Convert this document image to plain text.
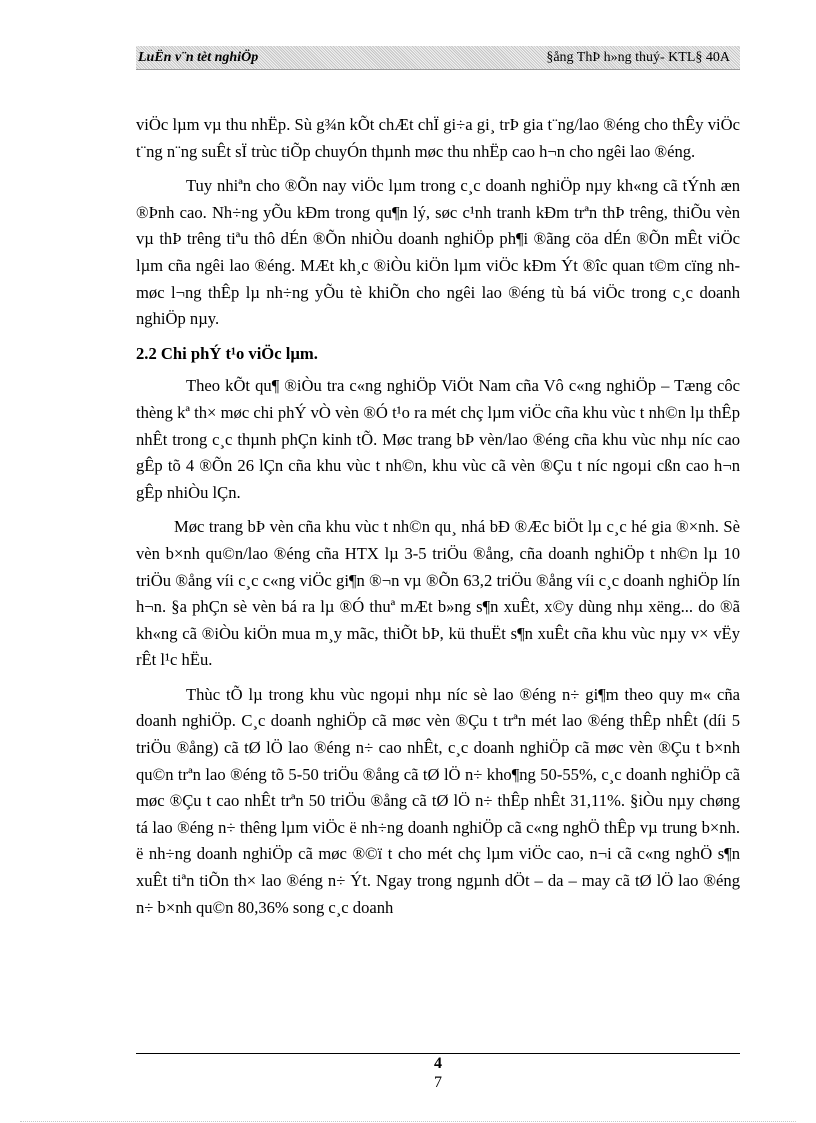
LuËn v¨n tèt nghiÖp	§ång ThÞ h»ng thuý- KTL§ 40A

viÖc lµm vµ thu nhËp. Sù g¾n kÕt chÆt chÏ gi÷a gi¸ trÞ gia t¨ng/lao ®éng cho thÊy viÖc t¨ng n¨ng suÊt sÏ trùc tiÕp chuyÓn thµnh møc thu nhËp cao h¬n cho ngêi lao ®éng.

Tuy nhiªn cho ®Õn nay viÖc lµm trong c¸c doanh nghiÖp nµy kh«ng cã tÝnh æn ®Þnh cao. Nh÷ng yÕu kÐm trong qu¶n lý, søc c¹nh tranh kÐm trªn thÞ trêng, thiÕu vèn vµ thÞ trêng tiªu thô dÉn ®Õn nhiÒu doanh nghiÖp ph¶i ®ãng cöa dÉn ®Õn mÊt viÖc lµm cña ngêi lao ®éng. MÆt kh¸c ®iÒu kiÖn lµm viÖc kÐm Ýt ®îc quan t©m cïng nh møc l¬ng thÊp lµ nh÷ng yÕu tè khiÕn cho ngêi lao ®éng tù bá viÖc trong c¸c doanh nghiÖp nµy.

2.2 Chi phÝ t¹o viÖc lµm.

Theo kÕt qu¶ ®iÒu tra c«ng nghiÖp ViÖt Nam cña Vô c«ng nghiÖp – Tæng côc thèng kª th× møc chi phÝ vÒ vèn ®Ó t¹o ra mét chç lµm viÖc cña khu vùc t nh©n lµ thÊp nhÊt trong c¸c thµnh phÇn kinh tÕ. Møc trang bÞ vèn/lao ®éng cña khu vùc nhµ níc cao gÊp tõ 4 ®Õn 26 lÇn cña khu vùc t nh©n, khu vùc cã vèn ®Çu t níc ngoµi cßn cao h¬n gÊp nhiÒu lÇn.

Møc trang bÞ vèn cña khu vùc t nh©n qu¸ nhá bÐ ®Æc biÖt lµ c¸c hé gia ®×nh. Sè vèn b×nh qu©n/lao ®éng cña HTX lµ 3-5 triÖu ®ång, cña doanh nghiÖp t nh©n lµ 10 triÖu ®ång víi c¸c c«ng viÖc gi¶n ®¬n vµ ®Õn 63,2 triÖu ®ång víi c¸c doanh nghiÖp lín h¬n. §a phÇn sè vèn bá ra lµ ®Ó thuª mÆt b»ng s¶n xuÊt, x©y dùng nhµ xëng... do ®ã kh«ng cã ®iÒu kiÖn mua m¸y mãc, thiÕt bÞ, kü thuËt s¶n xuÊt cña khu vùc nµy v× vËy rÊt l¹c hËu.

Thùc tÕ lµ trong khu vùc ngoµi nhµ níc sè lao ®éng n÷ gi¶m theo quy m« cña doanh nghiÖp. C¸c doanh nghiÖp cã møc vèn ®Çu t trªn mét lao ®éng thÊp nhÊt (díi 5 triÖu ®ång) cã tØ lÖ lao ®éng n÷ cao nhÊt, c¸c doanh nghiÖp cã møc vèn ®Çu t b×nh qu©n trªn lao ®éng tõ 5-50 triÖu ®ång cã tØ lÖ n÷ kho¶ng 50-55%, c¸c doanh nghiÖp cã møc ®Çu t cao nhÊt trªn 50 triÖu ®ång cã tØ lÖ n÷ thÊp nhÊt 31,11%. §iÒu nµy chøng tá lao ®éng n÷ thêng lµm viÖc ë nh÷ng doanh nghiÖp cã c«ng nghÖ thÊp vµ trung b×nh. ë nh÷ng doanh nghiÖp cã møc ®©ï t cho mét chç lµm viÖc cao, n¬i cã c«ng nghÖ s¶n xuÊt tiªn tiÕn th× lao ®éng n÷ Ýt. Ngay trong ngµnh dÖt – da – may cã tØ lÖ lao ®éng n÷ b×nh qu©n 80,36% song c¸c doanh

4
7
